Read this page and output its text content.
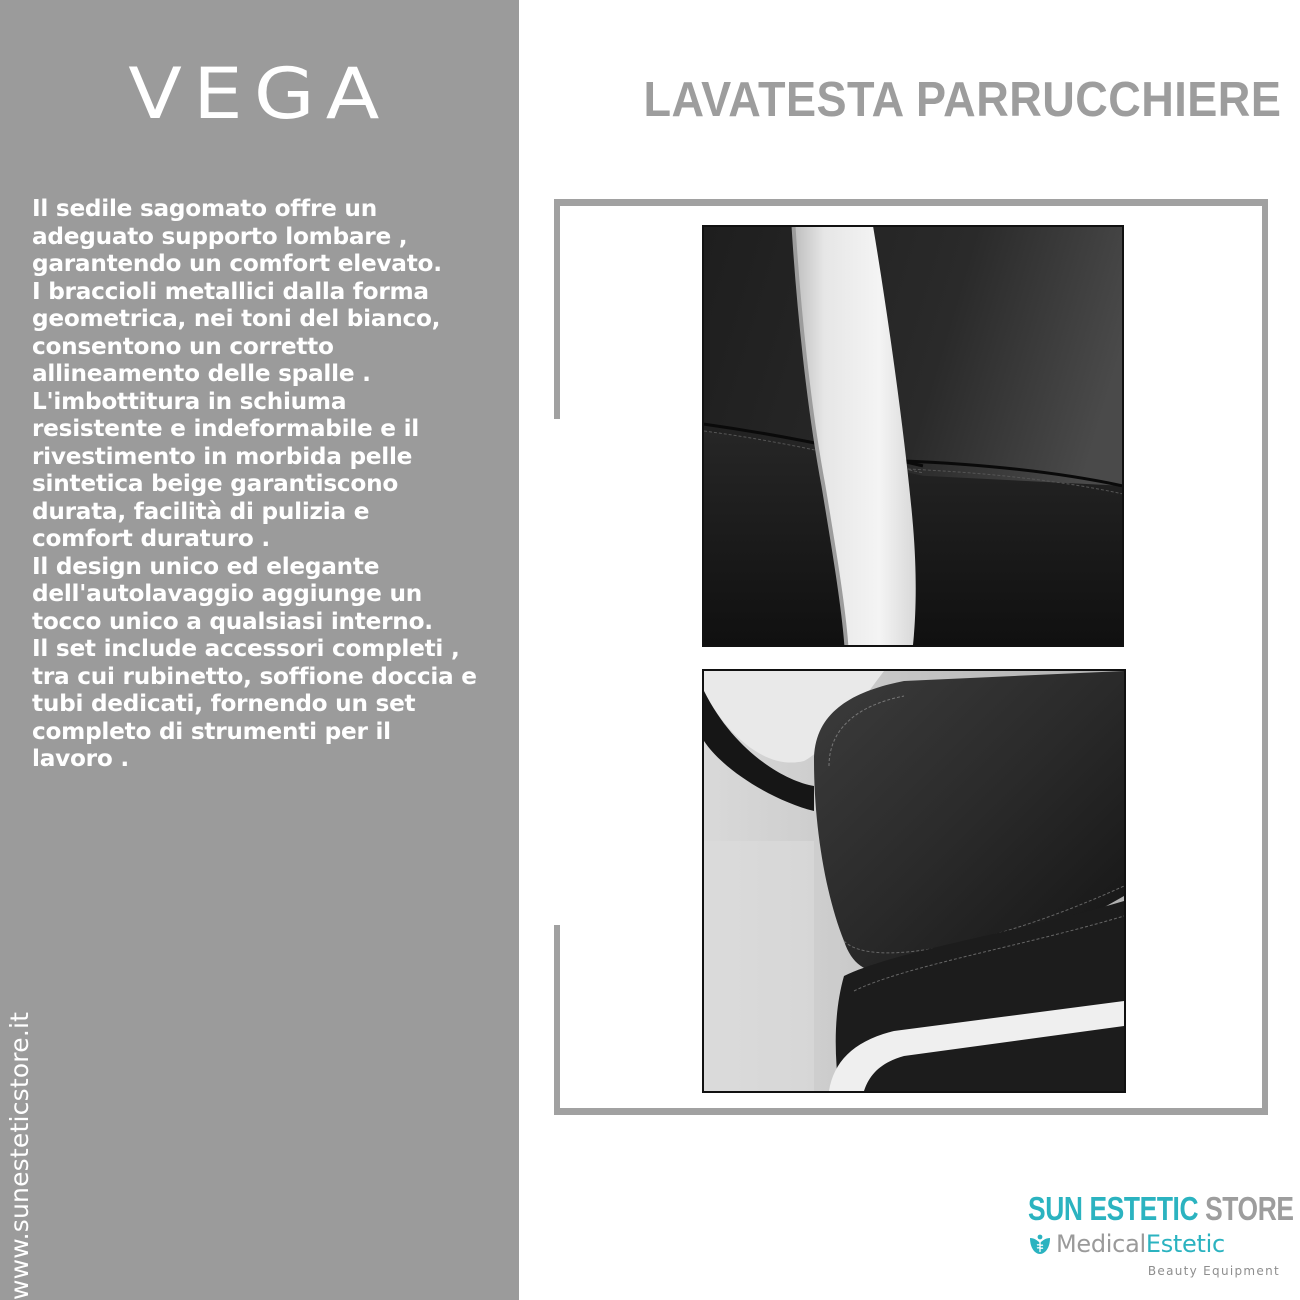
VEGA
Il sedile sagomato offre un
adeguato supporto lombare ,
garantendo un comfort elevato.
I braccioli metallici dalla forma
geometrica, nei toni del bianco,
consentono un corretto
allineamento delle spalle .
L'imbottitura in schiuma
resistente e indeformabile e il
rivestimento in morbida pelle
sintetica beige garantiscono
durata, facilità di pulizia e
comfort duraturo .
Il design unico ed elegante
dell'autolavaggio aggiunge un
tocco unico a qualsiasi interno.
Il set include accessori completi ,
tra cui rubinetto, soffione doccia e
tubi dedicati, fornendo un set
completo di strumenti per il
lavoro .
www.sunesteticstore.it
LAVATESTA PARRUCCHIERE
SUN ESTETIC STORE
Medical Estetic
Beauty Equipment
